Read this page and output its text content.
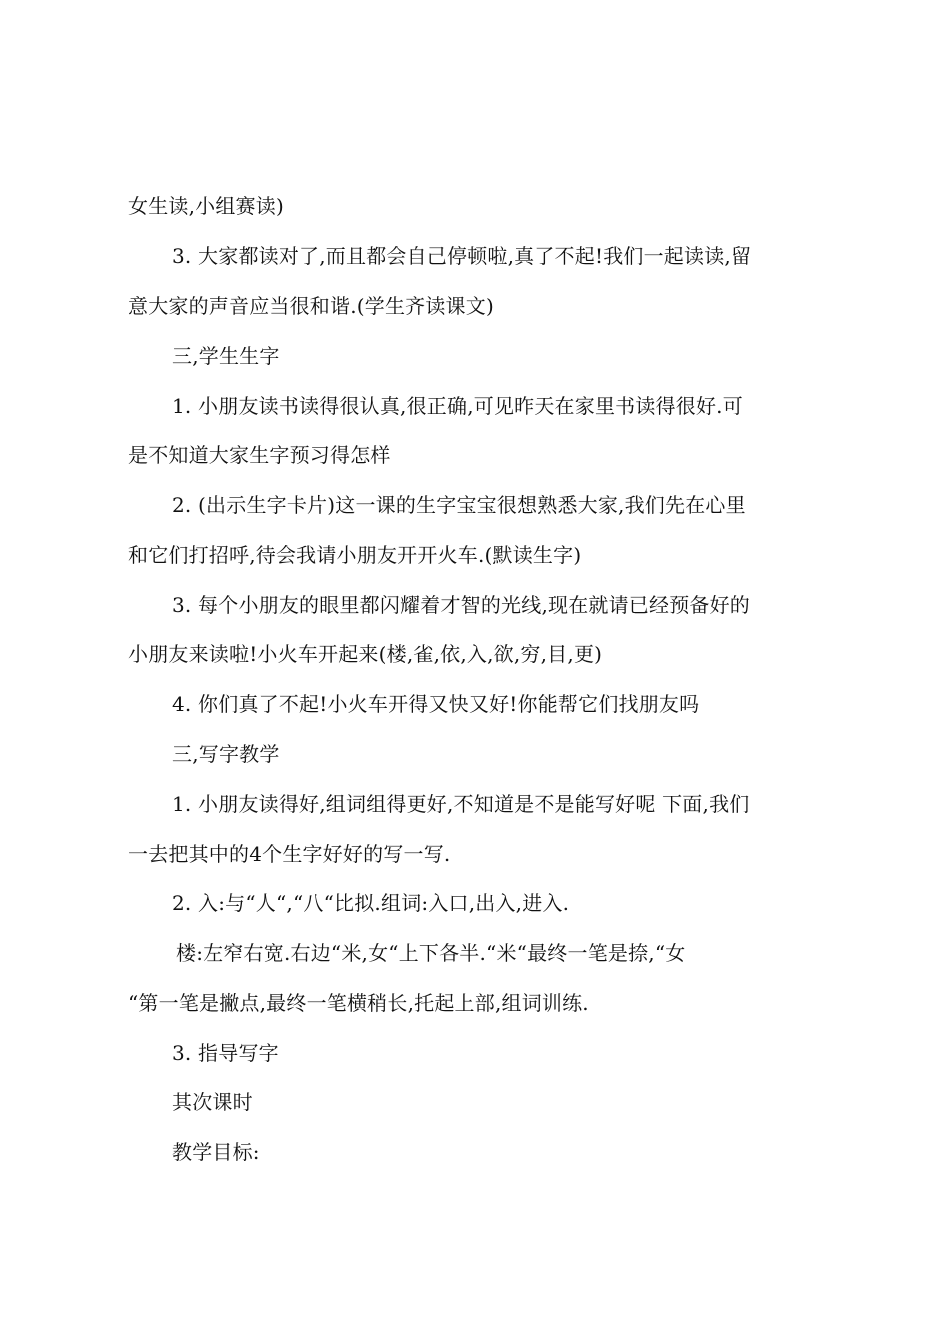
女生读,小组赛读)
3. 大家都读对了,而且都会自己停顿啦,真了不起!我们一起读读,留
意大家的声音应当很和谐.(学生齐读课文)
三,学生生字
1. 小朋友读书读得很认真,很正确,可见昨天在家里书读得很好.可
是不知道大家生字预习得怎样
2. (出示生字卡片)这一课的生字宝宝很想熟悉大家,我们先在心里
和它们打招呼,待会我请小朋友开开火车.(默读生字)
3. 每个小朋友的眼里都闪耀着才智的光线,现在就请已经预备好的
小朋友来读啦!小火车开起来(楼,雀,依,入,欲,穷,目,更)
4. 你们真了不起!小火车开得又快又好!你能帮它们找朋友吗
三,写字教学
1. 小朋友读得好,组词组得更好,不知道是不是能写好呢 下面,我们
一去把其中的4个生字好好的写一写.
2. 入:与“人“,“八“比拟.组词:入口,出入,进入.
楼:左窄右宽.右边“米,女“上下各半.“米“最终一笔是捺,“女
“第一笔是撇点,最终一笔横稍长,托起上部,组词训练.
3. 指导写字
其次课时
教学目标:
